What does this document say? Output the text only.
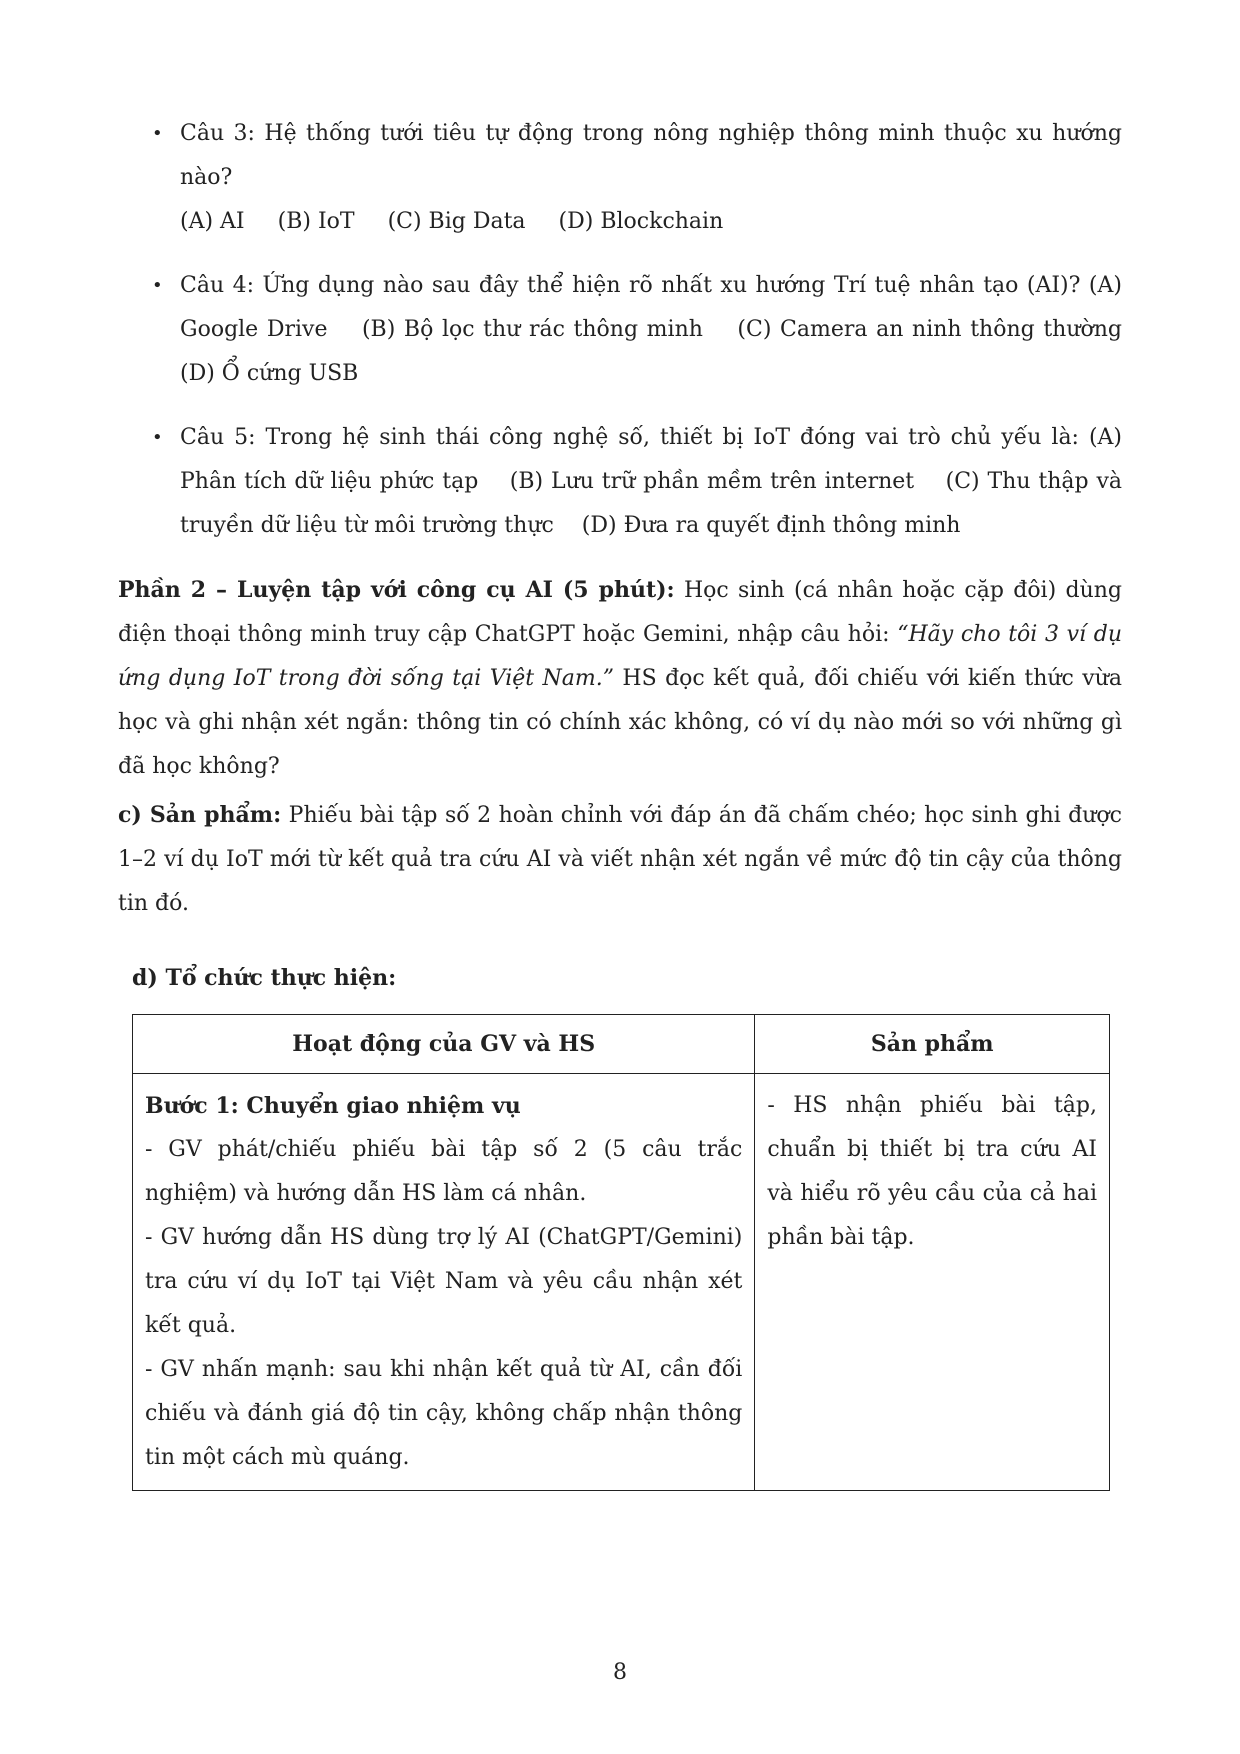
• Câu 3: Hệ thống tưới tiêu tự động trong nông nghiệp thông minh thuộc xu hướng nào?
(A) AI (B) IoT (C) Big Data (D) Blockchain
• Câu 4: Ứng dụng nào sau đây thể hiện rõ nhất xu hướng Trí tuệ nhân tạo (AI)? (A) Google Drive    (B) Bộ lọc thư rác thông minh    (C) Camera an ninh thông thường    (D) Ổ cứng USB
• Câu 5: Trong hệ sinh thái công nghệ số, thiết bị IoT đóng vai trò chủ yếu là: (A) Phân tích dữ liệu phức tạp    (B) Lưu trữ phần mềm trên internet    (C) Thu thập và truyền dữ liệu từ môi trường thực    (D) Đưa ra quyết định thông minh

Phần 2 – Luyện tập với công cụ AI (5 phút): Học sinh (cá nhân hoặc cặp đôi) dùng điện thoại thông minh truy cập ChatGPT hoặc Gemini, nhập câu hỏi: “Hãy cho tôi 3 ví dụ ứng dụng IoT trong đời sống tại Việt Nam.” HS đọc kết quả, đối chiếu với kiến thức vừa học và ghi nhận xét ngắn: thông tin có chính xác không, có ví dụ nào mới so với những gì đã học không?

c) Sản phẩm: Phiếu bài tập số 2 hoàn chỉnh với đáp án đã chấm chéo; học sinh ghi được 1–2 ví dụ IoT mới từ kết quả tra cứu AI và viết nhận xét ngắn về mức độ tin cậy của thông tin đó.

d) Tổ chức thực hiện:
Hoạt động của GV và HS	Sản phẩm

Bước 1: Chuyển giao nhiệm vụ
- GV phát/chiếu phiếu bài tập số 2 (5 câu trắc nghiệm) và hướng dẫn HS làm cá nhân.
- GV hướng dẫn HS dùng trợ lý AI (ChatGPT/Gemini) tra cứu ví dụ IoT tại Việt Nam và yêu cầu nhận xét kết quả.
- GV nhấn mạnh: sau khi nhận kết quả từ AI, cần đối chiếu và đánh giá độ tin cậy, không chấp nhận thông tin một cách mù quáng.	- HS nhận phiếu bài tập, chuẩn bị thiết bị tra cứu AI và hiểu rõ yêu cầu của cả hai phần bài tập.
8
